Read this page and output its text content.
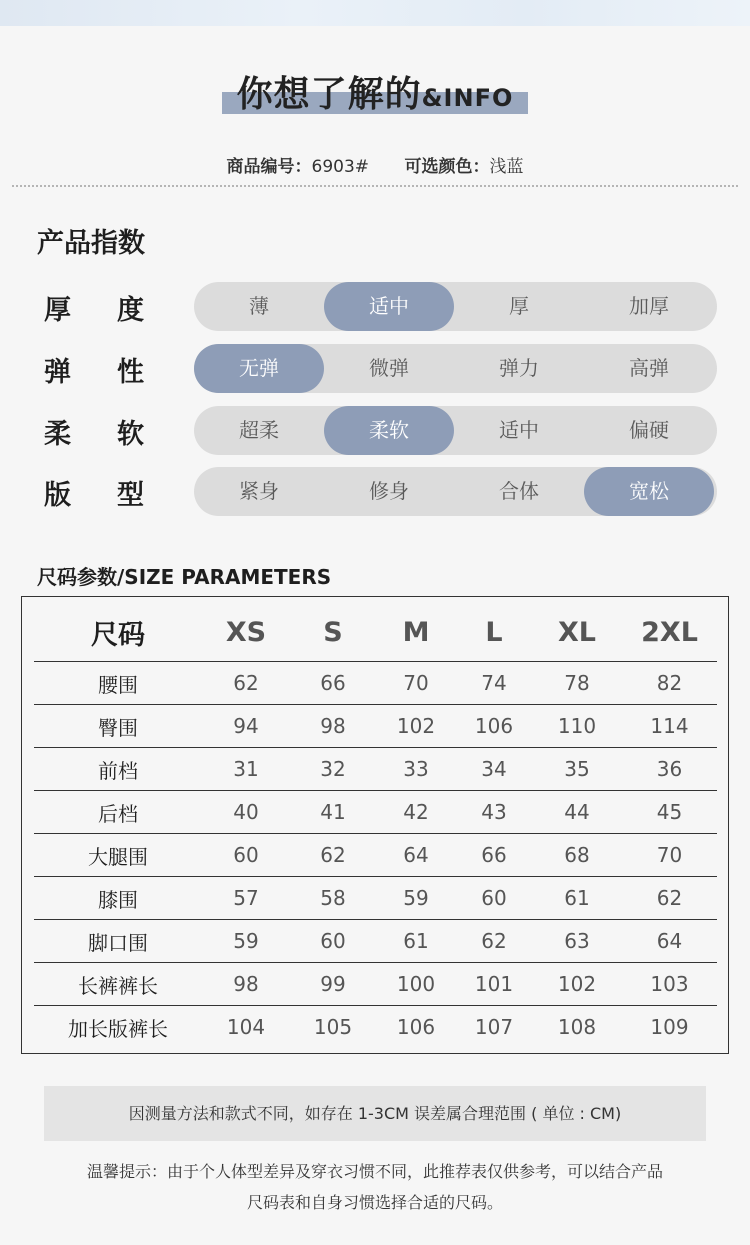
你想了解的&INFO
商品编号：6903# 可选颜色：浅蓝
产品指数
厚 度	薄	适中	厚	加厚
弹 性	无弹	微弹	弹力	高弹
柔 软	超柔	柔软	适中	偏硬
版 型	紧身	修身	合体	宽松
尺码参数/SIZE PARAMETERS
尺码	XS	S	M	L	XL	2XL
腰围	62	66	70	74	78	82
臀围	94	98	102	106	110	114
前档	31	32	33	34	35	36
后档	40	41	42	43	44	45
大腿围	60	62	64	66	68	70
膝围	57	58	59	60	61	62
脚口围	59	60	61	62	63	64
长裤裤长	98	99	100	101	102	103
加长版裤长	104	105	106	107	108	109
因测量方法和款式不同，如存在 1-3CM 误差属合理范围 ( 单位 : CM)
温馨提示：由于个人体型差异及穿衣习惯不同，此推荐表仅供参考，可以结合产品
尺码表和自身习惯选择合适的尺码。
